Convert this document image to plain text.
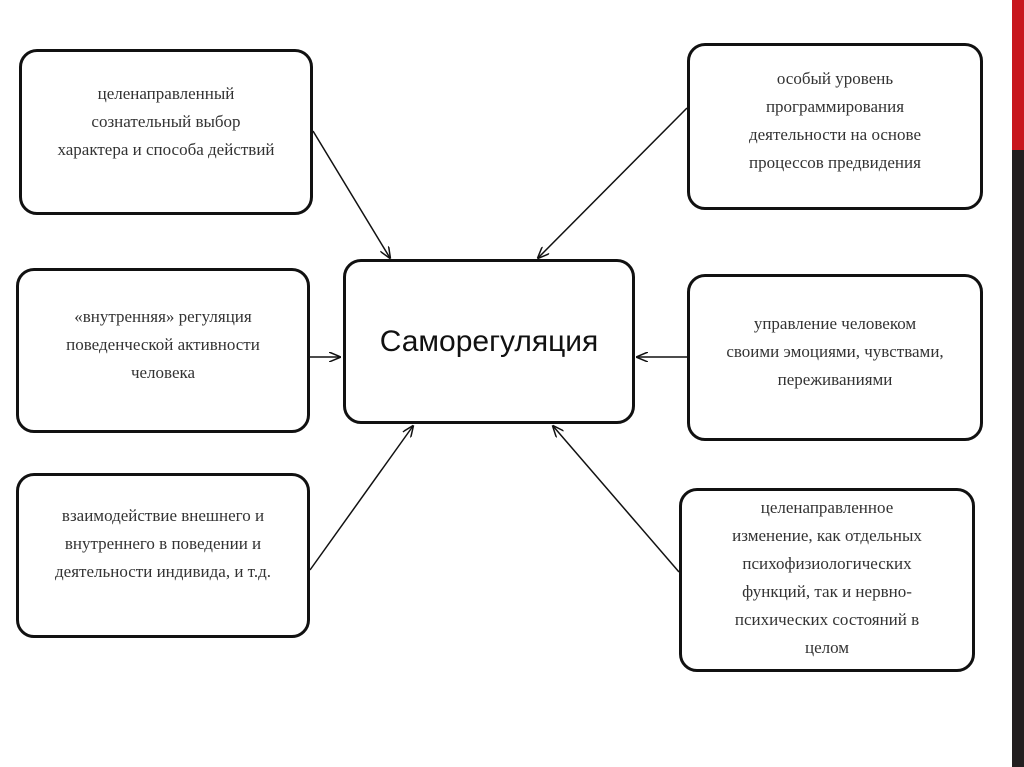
Саморегуляция
целенаправленный
сознательный выбор
характера и способа действий
«внутренняя» регуляция
поведенческой активности
человека
взаимодействие внешнего и
внутреннего в поведении и
деятельности индивида, и т.д.
особый уровень
программирования
деятельности на основе
процессов предвидения
управление человеком
своими эмоциями, чувствами,
переживаниями
целенаправленное
изменение, как отдельных
психофизиологических
функций, так и нервно-
психических состояний в
целом
